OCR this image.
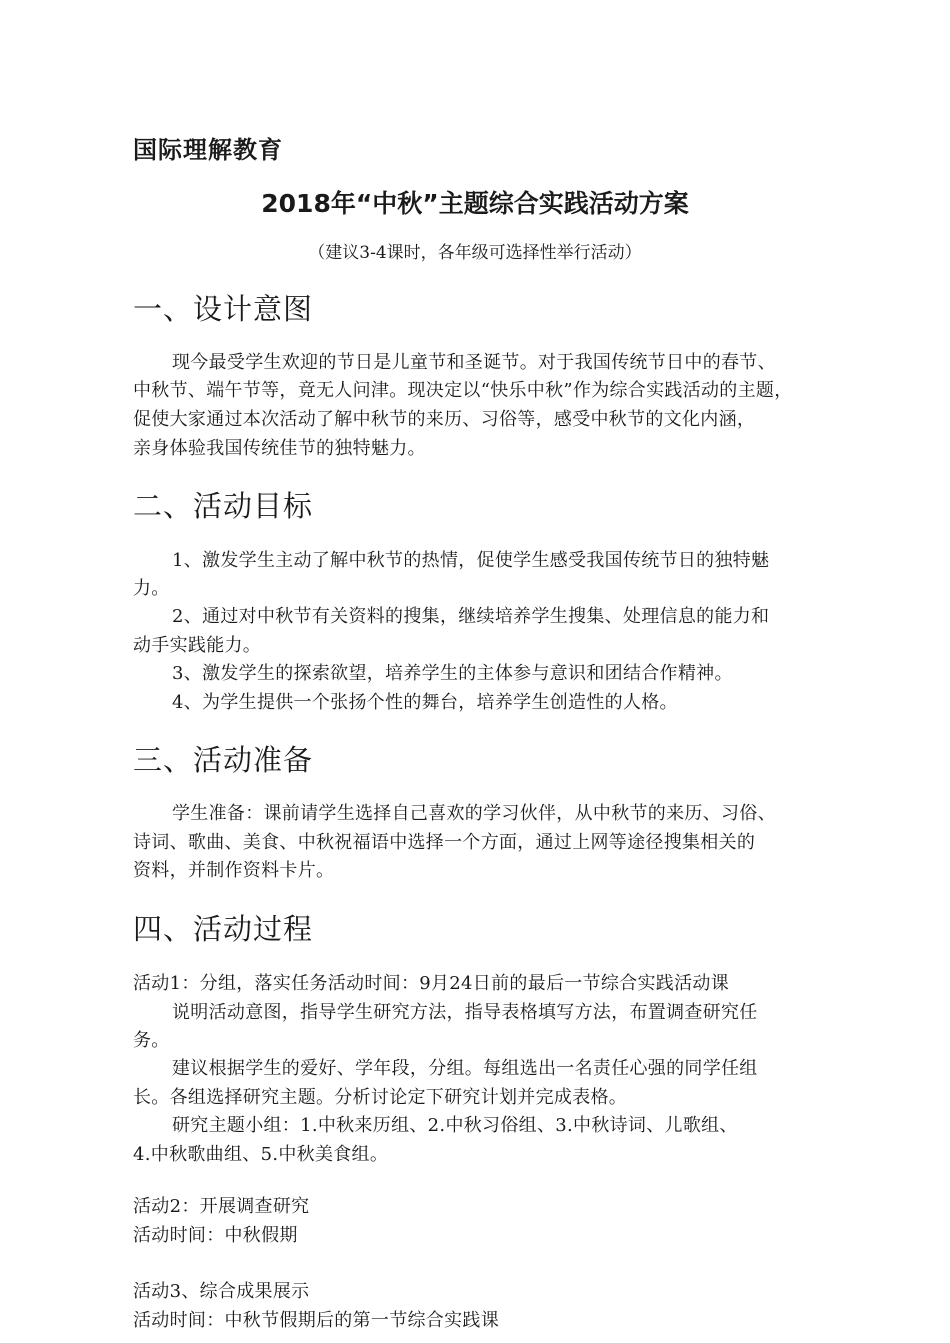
国际理解教育
2018年“中秋”主题综合实践活动方案
（建议3-4课时，各年级可选择性举行活动）
一、设计意图
现今最受学生欢迎的节日是儿童节和圣诞节。对于我国传统节日中的春节、
中秋节、端午节等，竟无人问津。现决定以“快乐中秋”作为综合实践活动的主题，
促使大家通过本次活动了解中秋节的来历、习俗等，感受中秋节的文化内涵，
亲身体验我国传统佳节的独特魅力。
二、活动目标
1、激发学生主动了解中秋节的热情，促使学生感受我国传统节日的独特魅
力。
2、通过对中秋节有关资料的搜集，继续培养学生搜集、处理信息的能力和
动手实践能力。
3、激发学生的探索欲望，培养学生的主体参与意识和团结合作精神。
4、为学生提供一个张扬个性的舞台，培养学生创造性的人格。
三、活动准备
学生准备：课前请学生选择自己喜欢的学习伙伴，从中秋节的来历、习俗、
诗词、歌曲、美食、中秋祝福语中选择一个方面，通过上网等途径搜集相关的
资料，并制作资料卡片。
四、活动过程
活动1：分组，落实任务活动时间：9月24日前的最后一节综合实践活动课
说明活动意图，指导学生研究方法，指导表格填写方法，布置调查研究任
务。
建议根据学生的爱好、学年段，分组。每组选出一名责任心强的同学任组
长。各组选择研究主题。分析讨论定下研究计划并完成表格。
研究主题小组：1.中秋来历组、2.中秋习俗组、3.中秋诗词、儿歌组、
4.中秋歌曲组、5.中秋美食组。
活动2：开展调查研究
活动时间：中秋假期
活动3、综合成果展示
活动时间：中秋节假期后的第一节综合实践课
